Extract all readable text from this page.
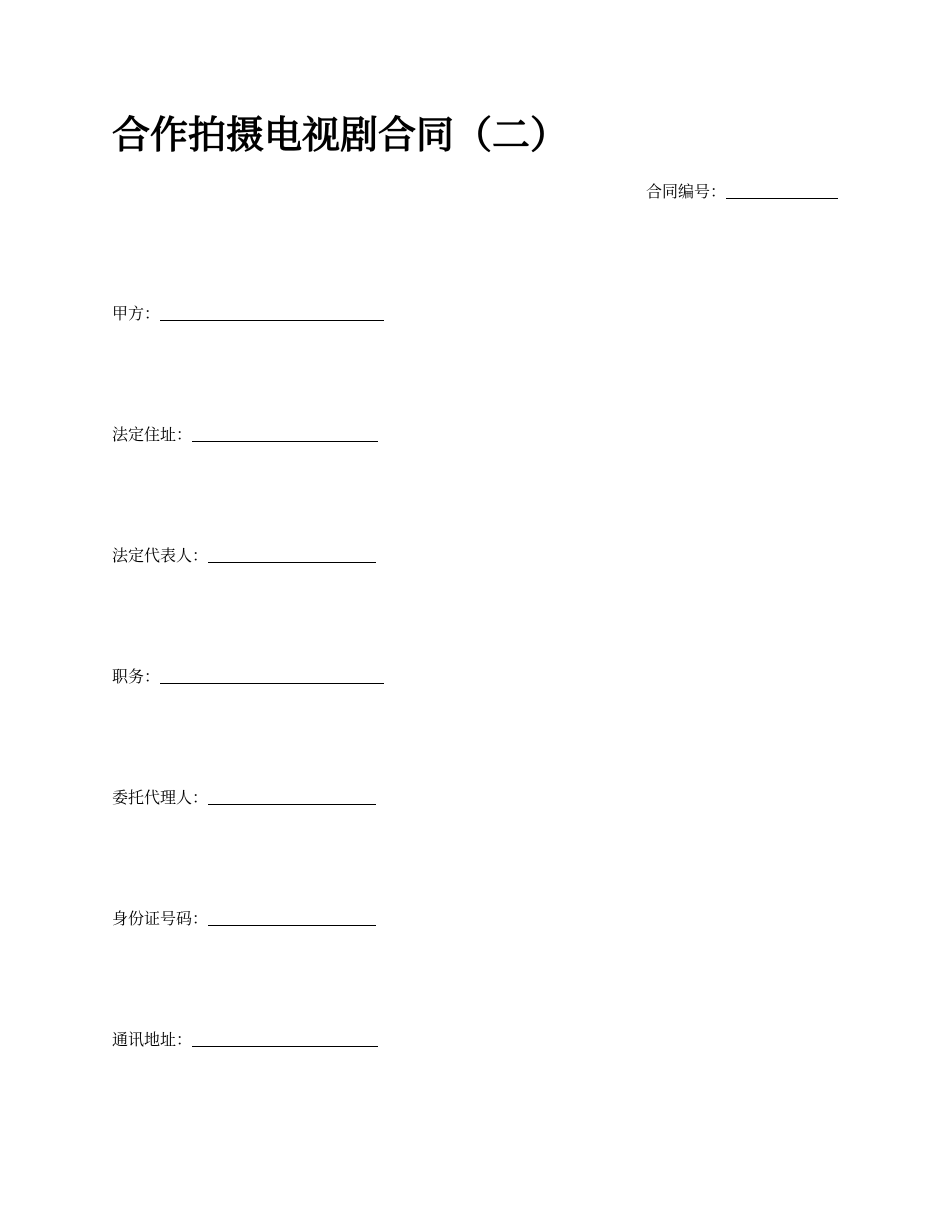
合作拍摄电视剧合同（二）
合同编号：
甲方：
法定住址：
法定代表人：
职务：
委托代理人：
身份证号码：
通讯地址：
